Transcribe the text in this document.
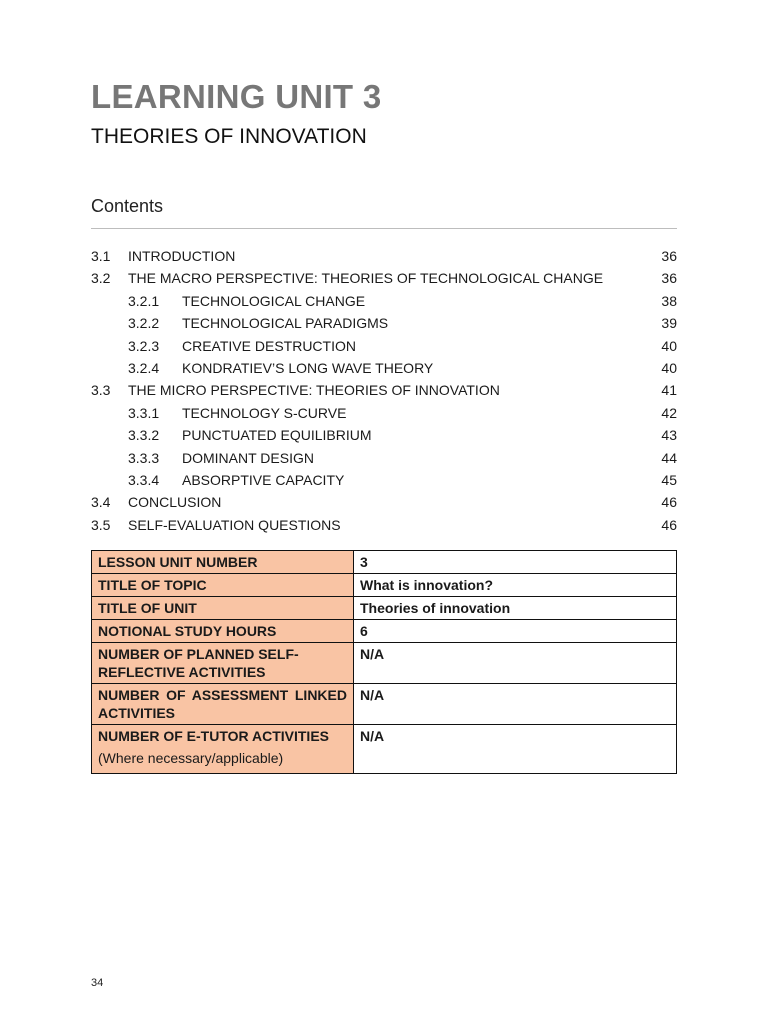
LEARNING UNIT 3
THEORIES OF INNOVATION
Contents
3.1 INTRODUCTION	36
3.2 THE MACRO PERSPECTIVE: THEORIES OF TECHNOLOGICAL CHANGE	36
3.2.1 TECHNOLOGICAL CHANGE	38
3.2.2 TECHNOLOGICAL PARADIGMS	39
3.2.3 CREATIVE DESTRUCTION	40
3.2.4 KONDRATIEV’S LONG WAVE THEORY	40
3.3 THE MICRO PERSPECTIVE: THEORIES OF INNOVATION	41
3.3.1 TECHNOLOGY S-CURVE	42
3.3.2 PUNCTUATED EQUILIBRIUM	43
3.3.3 DOMINANT DESIGN	44
3.3.4 ABSORPTIVE CAPACITY	45
3.4 CONCLUSION	46
3.5 SELF-EVALUATION QUESTIONS	46
LESSON UNIT NUMBER	3
TITLE OF TOPIC	What is innovation?
TITLE OF UNIT	Theories of innovation
NOTIONAL STUDY HOURS	6
NUMBER OF PLANNED SELF-
REFLECTIVE ACTIVITIES	N/A

NUMBER OF ASSESSMENT LINKED
ACTIVITIES	N/A
NUMBER OF E-TUTOR ACTIVITIES
(Where necessary/applicable)	N/A
34
